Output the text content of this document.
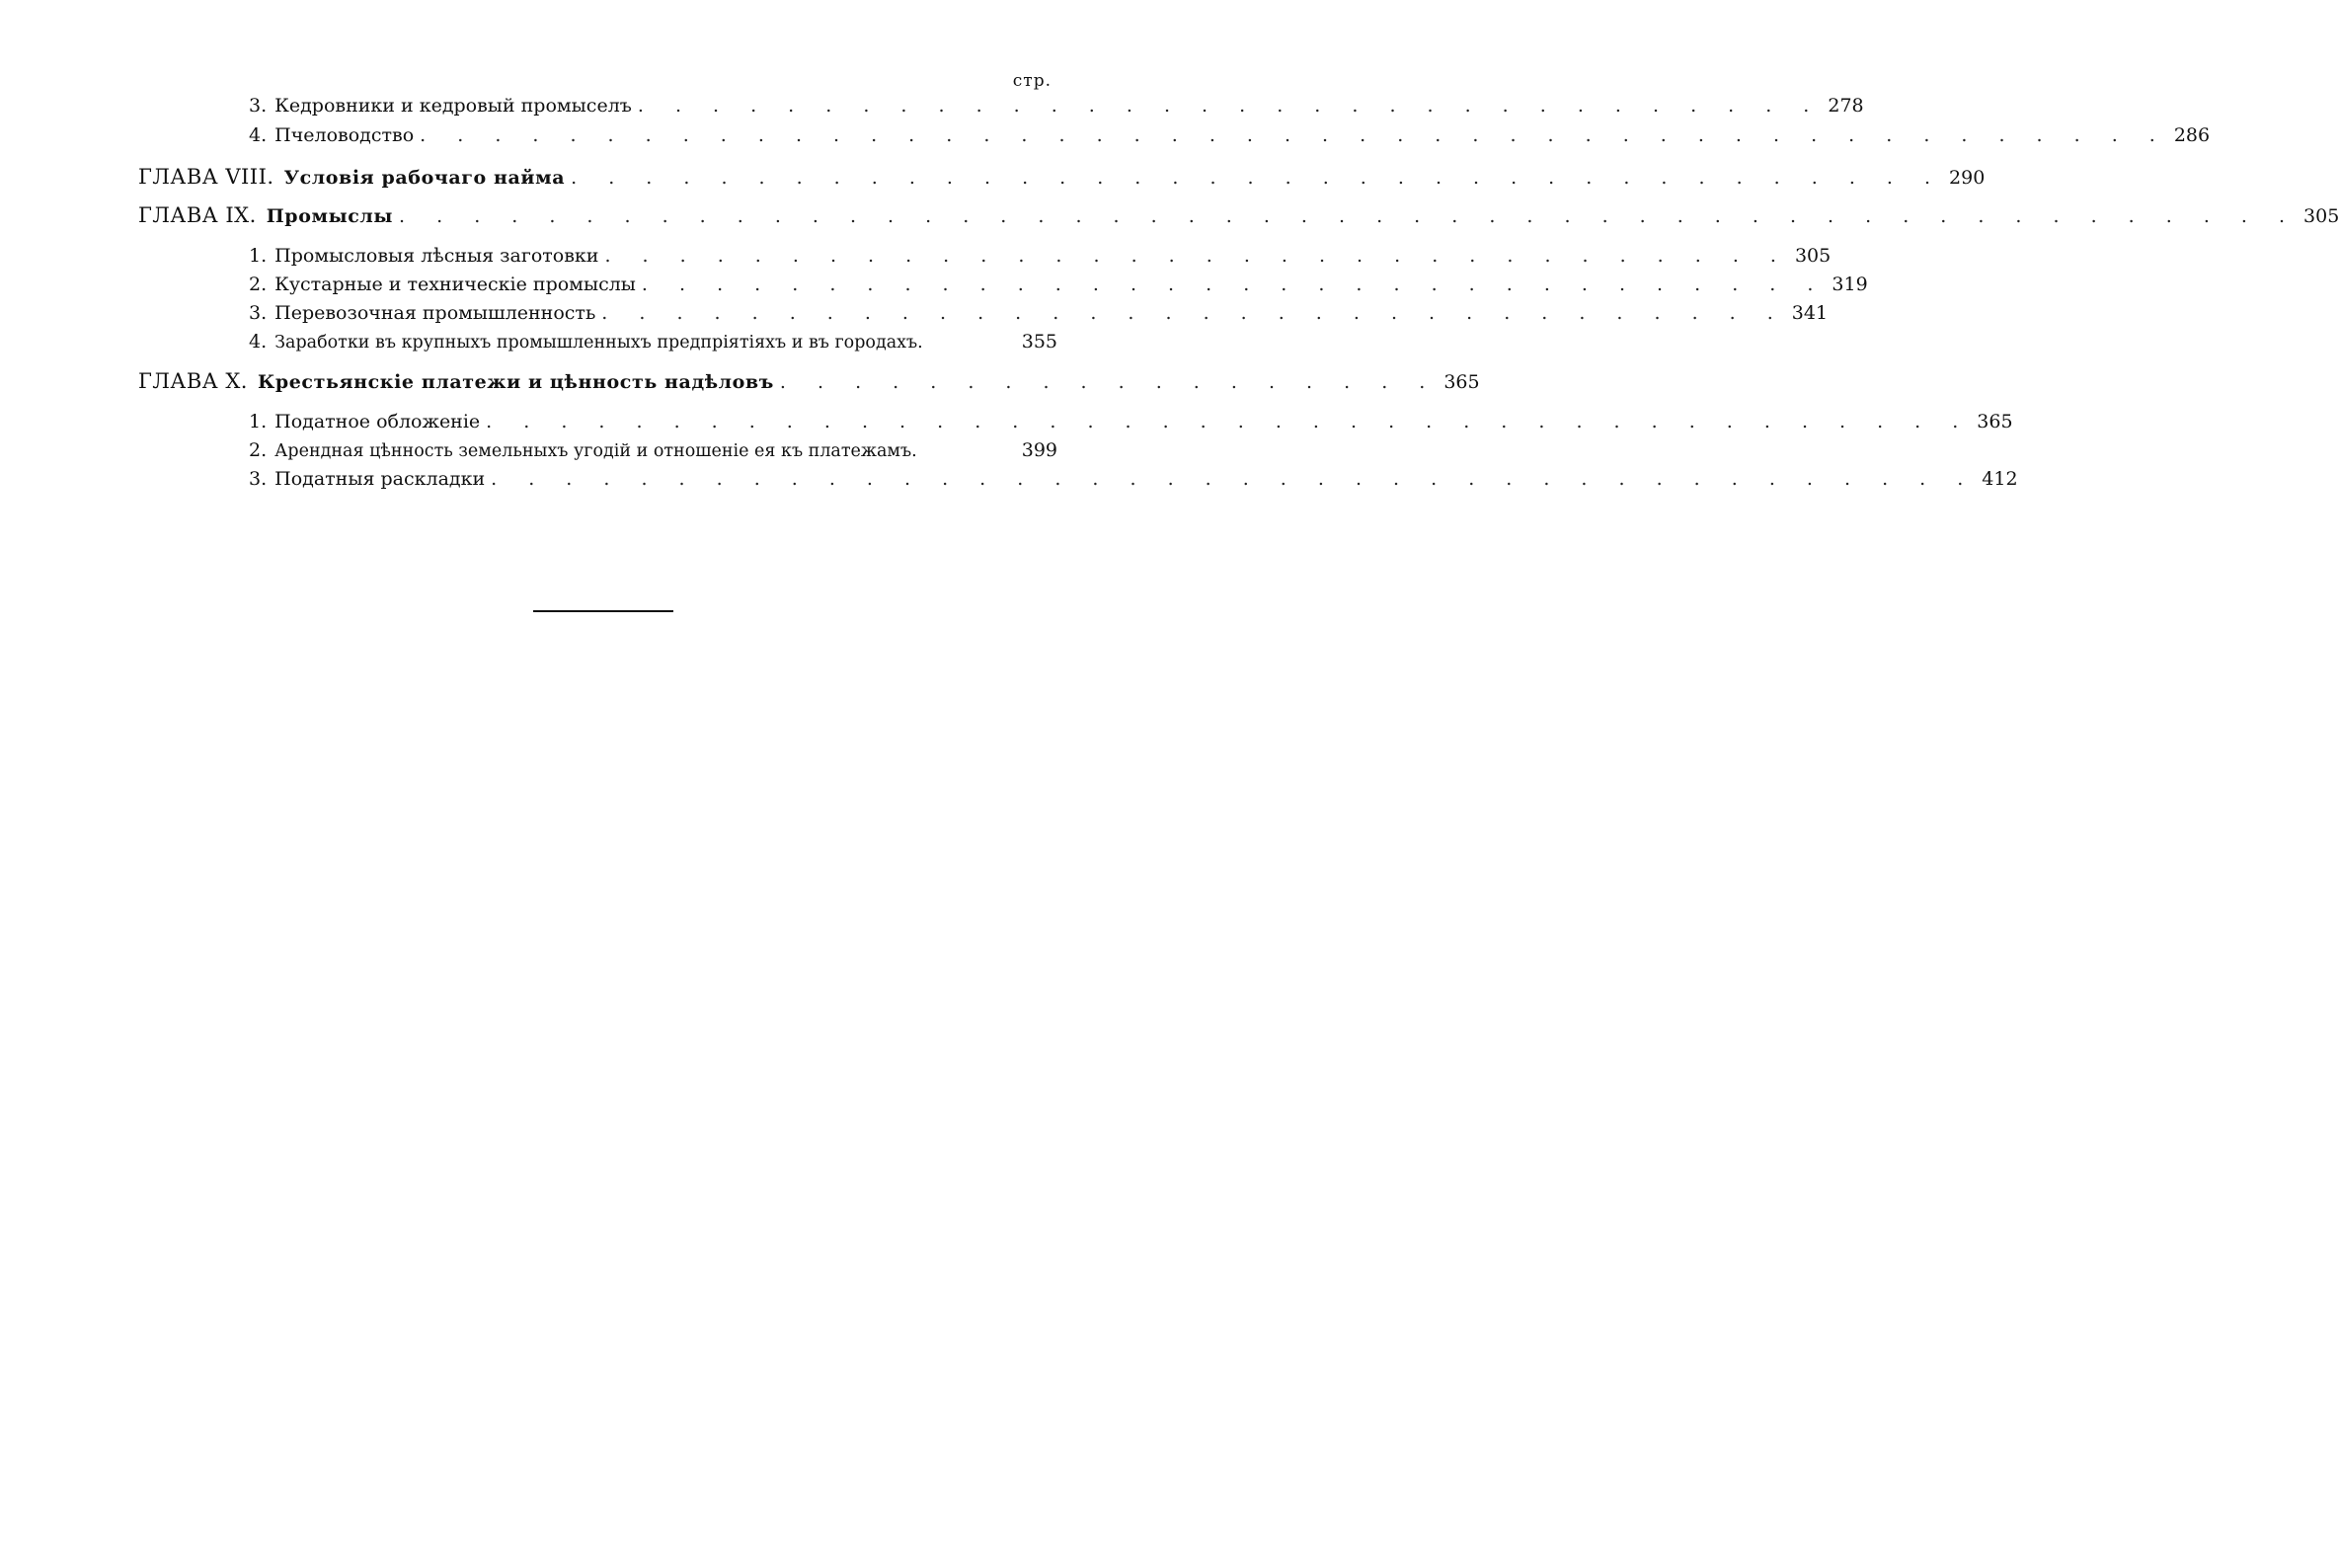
стр.
3. Кедровники и кедровый промыселъ . . . . . . . . . . . . . . . . . . . . . . . . . . . . . . . . 278
4. Пчеловодство . . . . . . . . . . . . . . . . . . . . . . . . . . . . . . . . . . . . . . . . . . . . . . . 286
ГЛАВА VIII. Условія рабочаго найма . . . . . . . . . . . . . . . . . . . . . . . . . . . . . . . . . . . . . 290
ГЛАВА IX. Промыслы . . . . . . . . . . . . . . . . . . . . . . . . . . . . . . . . . . . . . . . . . . . . . . . . . . . 305
1. Промысловыя лѣсныя заготовки . . . . . . . . . . . . . . . . . . . . . . . . . . . . . . . . 305
2. Кустарные и техническіе промыслы . . . . . . . . . . . . . . . . . . . . . . . . . . . . . . . . 319
3. Перевозочная промышленность . . . . . . . . . . . . . . . . . . . . . . . . . . . . . . . . 341
4. Заработки въ крупныхъ промышленныхъ предпріятіяхъ и въ городахъ.	355
ГЛАВА X. Крестьянскіе платежи и цѣнность надѣловъ . . . . . . . . . . . . . . . . . . 365
1. Податное обложеніе . . . . . . . . . . . . . . . . . . . . . . . . . . . . . . . . . . . . . . . . 365
2. Арендная цѣнность земельныхъ угодій и отношеніе ея къ платежамъ.	399
3. Податныя раскладки . . . . . . . . . . . . . . . . . . . . . . . . . . . . . . . . . . . . . . . . 412
